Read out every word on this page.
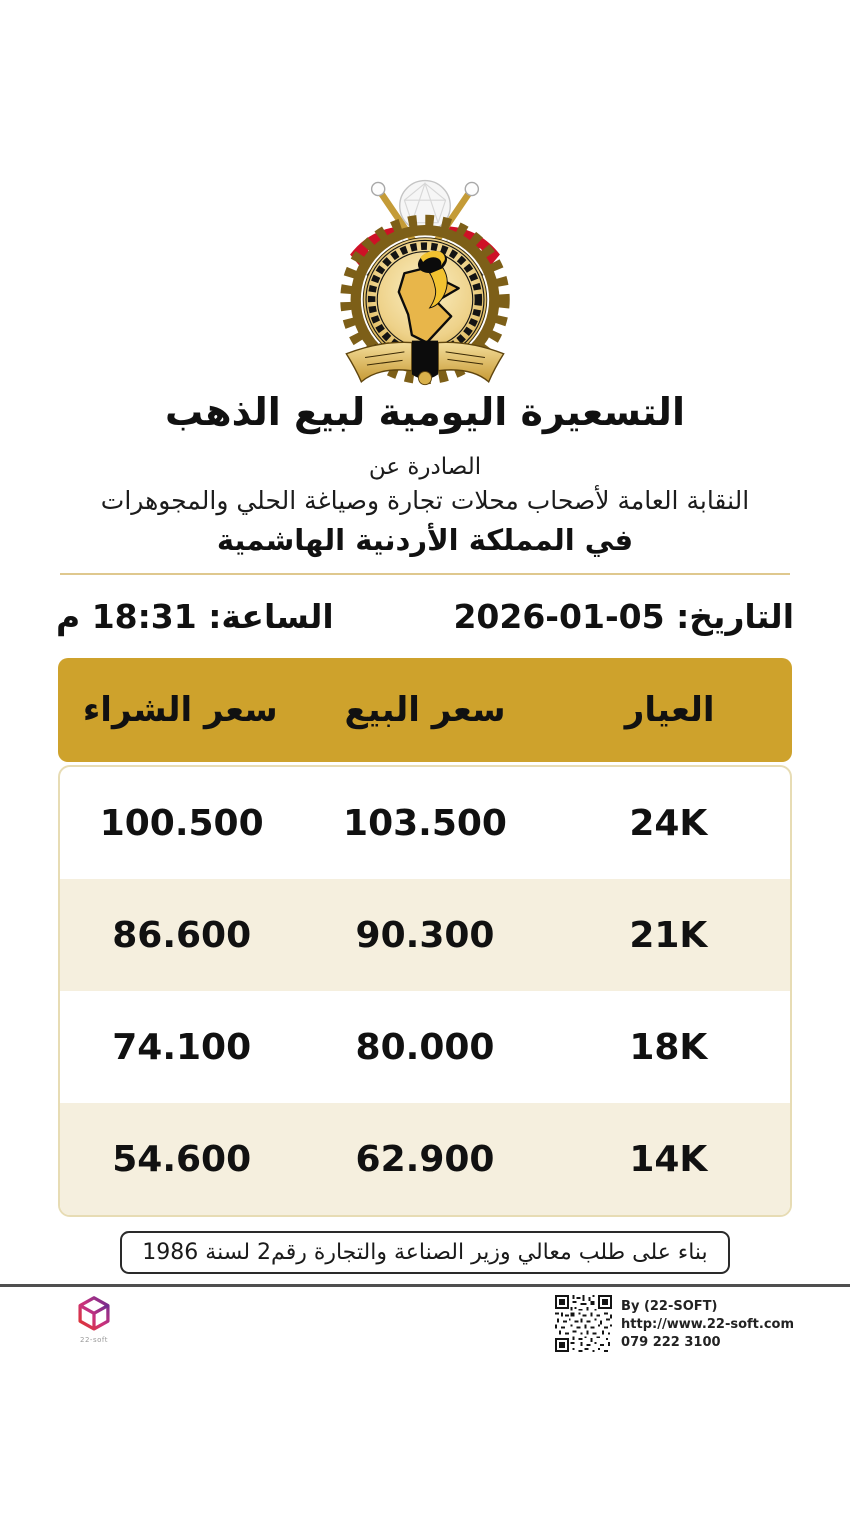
التسعيرة اليومية لبيع الذهب
الصادرة عن
النقابة العامة لأصحاب محلات تجارة وصياغة الحلي والمجوهرات
في المملكة الأردنية الهاشمية
التاريخ: 05-01-2026
الساعة: 18:31 م
العيار
سعر البيع
سعر الشراء
24K
103.500
100.500
21K
90.300
86.600
18K
80.000
74.100
14K
62.900
54.600
بناء على طلب معالي وزير الصناعة والتجارة رقم2 لسنة 1986
22-soft
By (22-SOFT)
http://www.22-soft.com
079 222 3100
